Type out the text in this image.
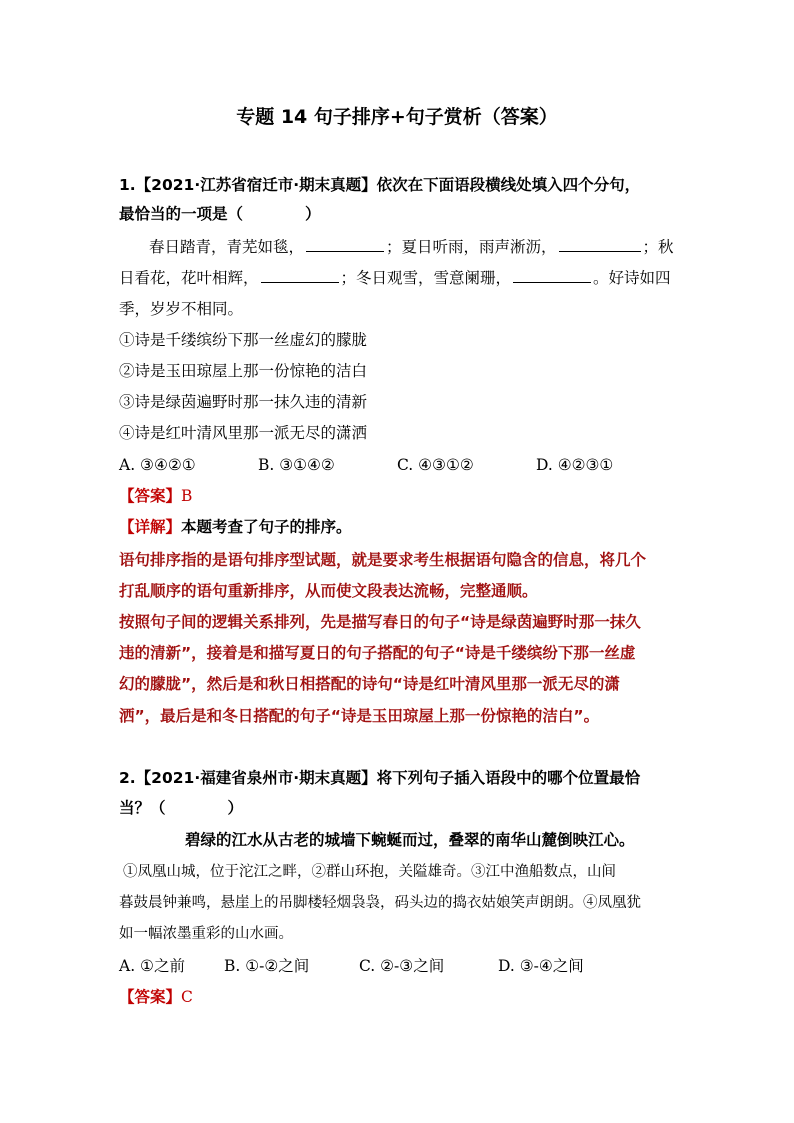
专题 14 句子排序+句子赏析（答案）
1.【2021·江苏省宿迁市·期末真题】依次在下面语段横线处填入四个分句，
最恰当的一项是（	）
春日踏青，青芜如毯，	；夏日听雨，雨声淅沥，	；秋
日看花，花叶相辉，	；冬日观雪，雪意阑珊，	。好诗如四
季，岁岁不相同。
①诗是千缕缤纷下那一丝虚幻的朦胧
②诗是玉田琼屋上那一份惊艳的洁白
③诗是绿茵遍野时那一抹久违的清新
④诗是红叶清风里那一派无尽的潇洒
A. ③④②①	B. ③①④②	C. ④③①②	D. ④②③①
【答案】B
【详解】本题考查了句子的排序。
语句排序指的是语句排序型试题，就是要求考生根据语句隐含的信息，将几个
打乱顺序的语句重新排序，从而使文段表达流畅，完整通顺。
按照句子间的逻辑关系排列，先是描写春日的句子“诗是绿茵遍野时那一抹久
违的清新”，接着是和描写夏日的句子搭配的句子“诗是千缕缤纷下那一丝虚
幻的朦胧”，然后是和秋日相搭配的诗句“诗是红叶清风里那一派无尽的潇
洒”，最后是和冬日搭配的句子“诗是玉田琼屋上那一份惊艳的洁白”。
2.【2021·福建省泉州市·期末真题】将下列句子插入语段中的哪个位置最恰
当？（	）
碧绿的江水从古老的城墙下蜿蜒而过，叠翠的南华山麓倒映江心。
①凤凰山城，位于沱江之畔，②群山环抱，关隘雄奇。③江中渔船数点，山间
暮鼓晨钟兼鸣，悬崖上的吊脚楼轻烟袅袅，码头边的捣衣姑娘笑声朗朗。④凤凰犹
如一幅浓墨重彩的山水画。
A. ①之前	B. ①-②之间	C. ②-③之间	D. ③-④之间
【答案】C
